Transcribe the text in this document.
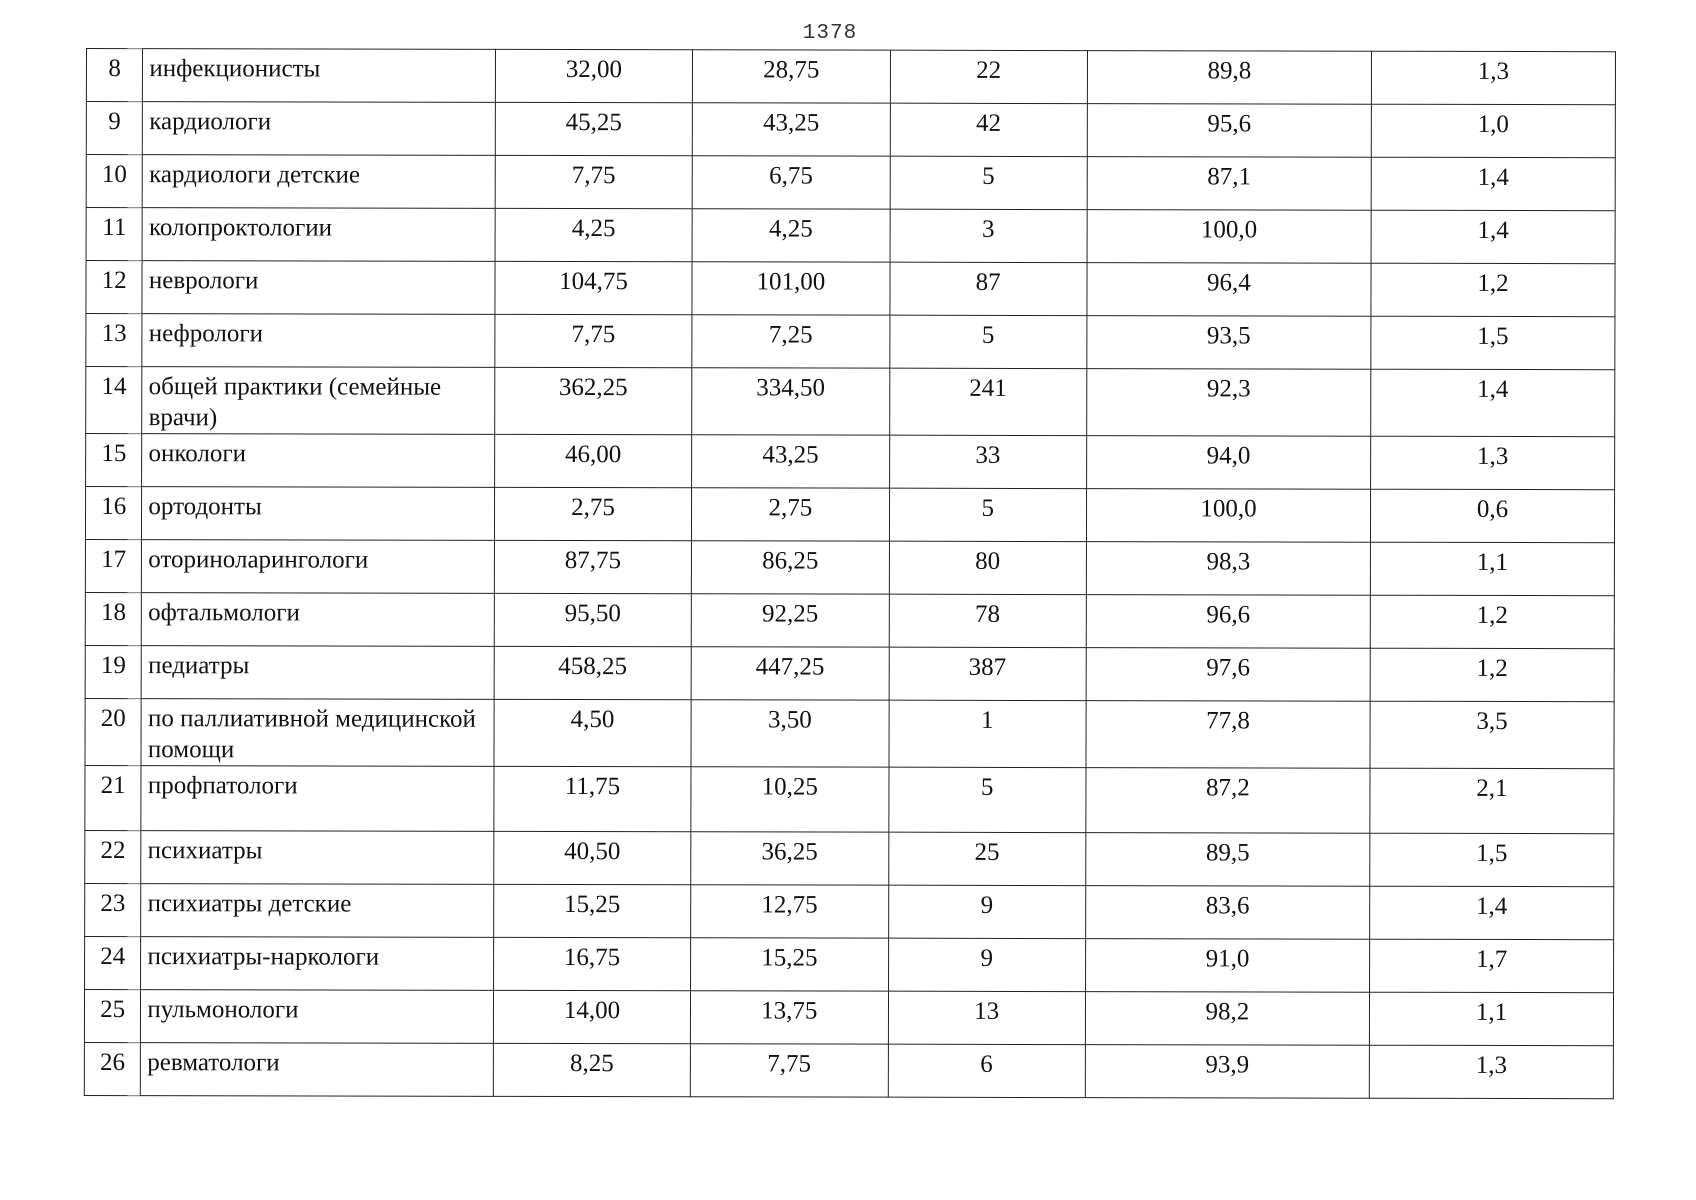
1378
8	инфекционисты	32,00	28,75	22	89,8	1,3
9	кардиологи	45,25	43,25	42	95,6	1,0
10	кардиологи детские	7,75	6,75	5	87,1	1,4
11	колопроктологии	4,25	4,25	3	100,0	1,4
12	неврологи	104,75	101,00	87	96,4	1,2
13	нефрологи	7,75	7,25	5	93,5	1,5
14	общей практики (семейные врачи)	362,25	334,50	241	92,3	1,4
15	онкологи	46,00	43,25	33	94,0	1,3
16	ортодонты	2,75	2,75	5	100,0	0,6
17	оториноларингологи	87,75	86,25	80	98,3	1,1
18	офтальмологи	95,50	92,25	78	96,6	1,2
19	педиатры	458,25	447,25	387	97,6	1,2
20	по паллиативной медицинской помощи	4,50	3,50	1	77,8	3,5
21	профпатологи	11,75	10,25	5	87,2	2,1
22	психиатры	40,50	36,25	25	89,5	1,5
23	психиатры детские	15,25	12,75	9	83,6	1,4
24	психиатры-наркологи	16,75	15,25	9	91,0	1,7
25	пульмонологи	14,00	13,75	13	98,2	1,1
26	ревматологи	8,25	7,75	6	93,9	1,3
